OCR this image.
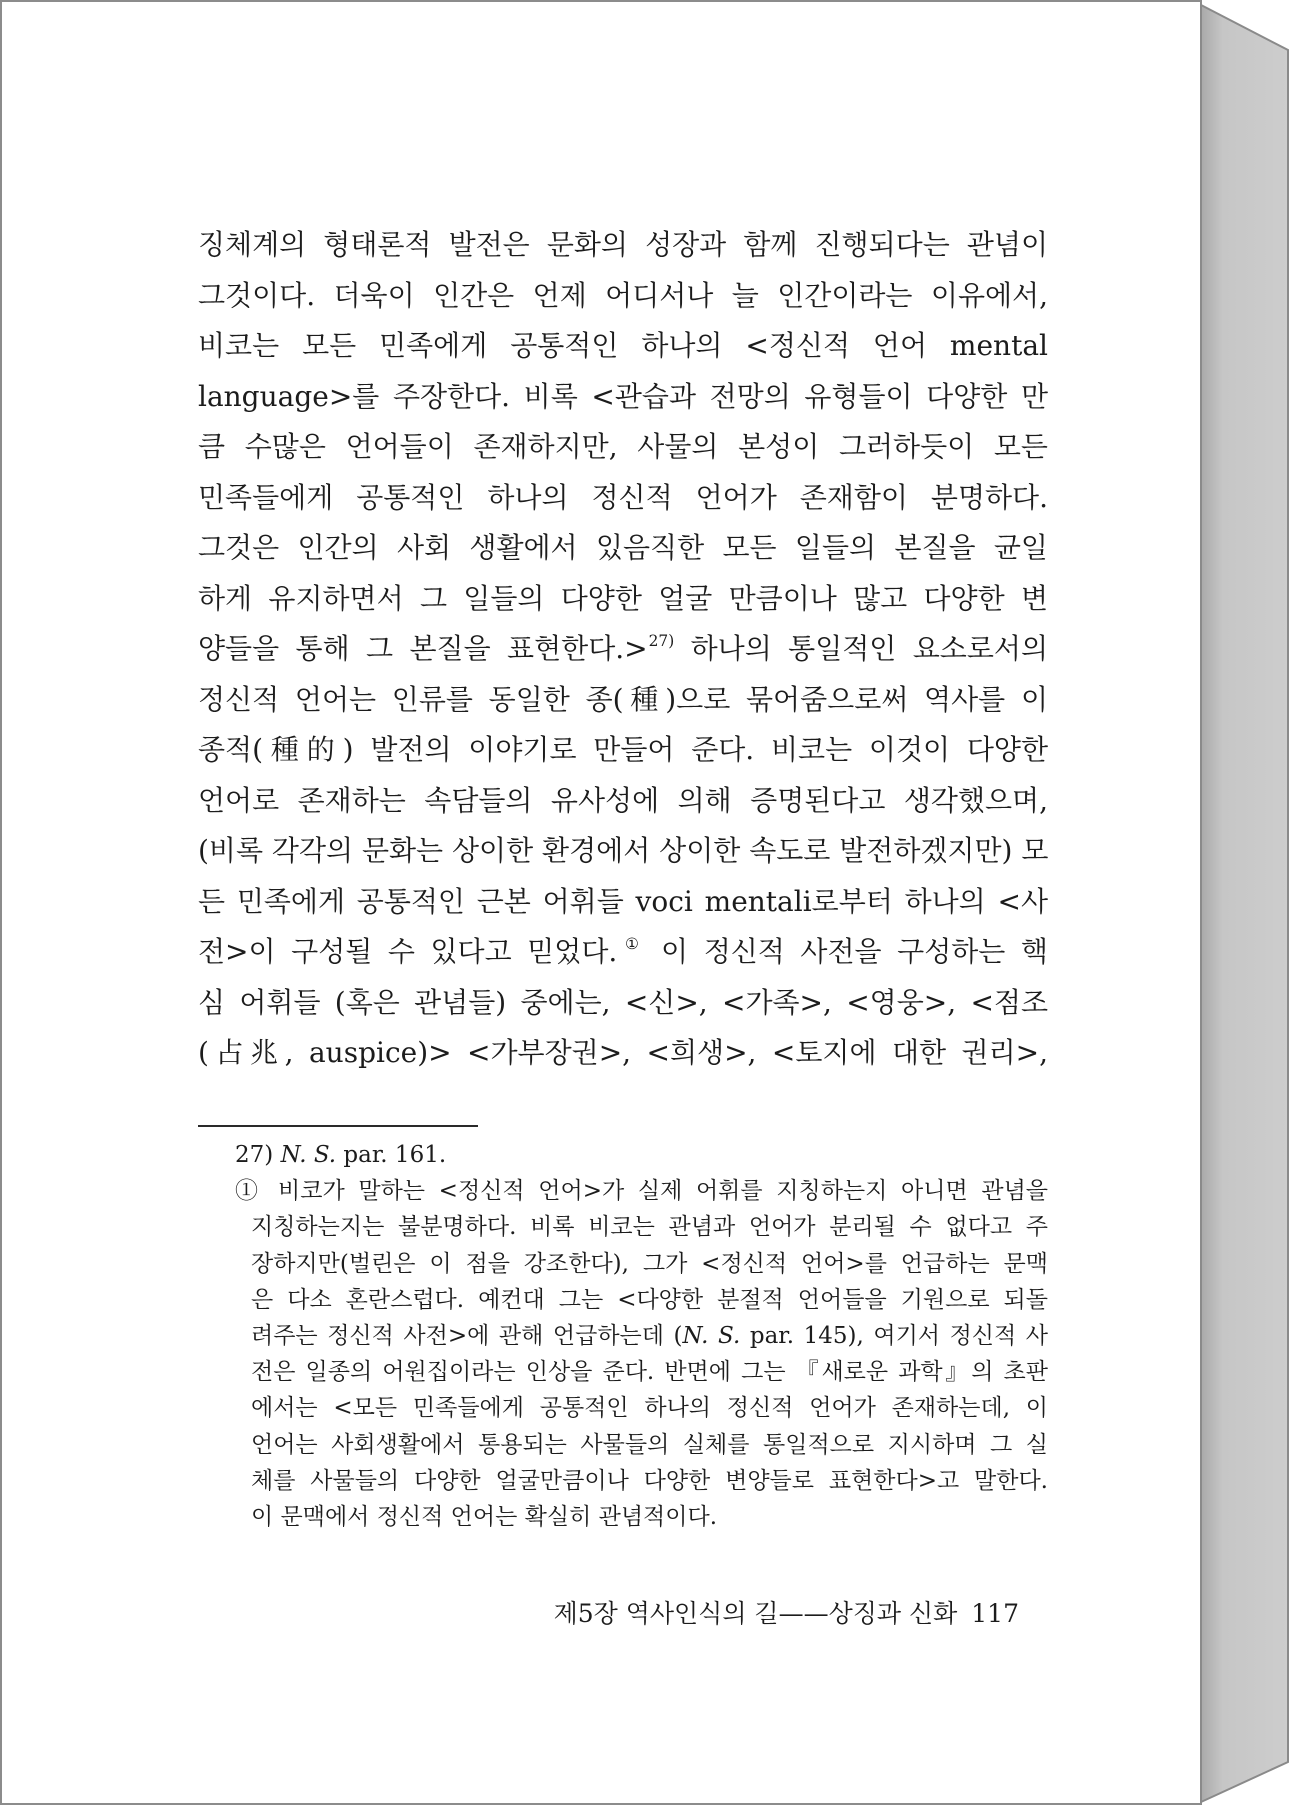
징체계의 형태론적 발전은 문화의 성장과 함께 진행되다는 관념이
그것이다. 더욱이 인간은 언제 어디서나 늘 인간이라는 이유에서,
비코는 모든 민족에게 공통적인 하나의 <정신적 언어 mental
language>를 주장한다. 비록 <관습과 전망의 유형들이 다양한 만
큼 수많은 언어들이 존재하지만, 사물의 본성이 그러하듯이 모든
민족들에게 공통적인 하나의 정신적 언어가 존재함이 분명하다.
그것은 인간의 사회 생활에서 있음직한 모든 일들의 본질을 균일
하게 유지하면서 그 일들의 다양한 얼굴 만큼이나 많고 다양한 변
양들을 통해 그 본질을 표현한다.>$^{27)}$ 하나의 통일적인 요소로서의
정신적 언어는 인류를 동일한 종(種)으로 묶어줌으로써 역사를 이
종적(種的) 발전의 이야기로 만들어 준다. 비코는 이것이 다양한
언어로 존재하는 속담들의 유사성에 의해 증명된다고 생각했으며,
(비록 각각의 문화는 상이한 환경에서 상이한 속도로 발전하겠지만) 모
든 민족에게 공통적인 근본 어휘들 voci mentali로부터 하나의 <사
전>이 구성될 수 있다고 믿었다.① 이 정신적 사전을 구성하는 핵
심 어휘들 (혹은 관념들) 중에는, <신>, <가족>, <영웅>, <점조
(占兆, auspice)> <가부장권>, <희생>, <토지에 대한 권리>,
27) N. S. par. 161.
① 비코가 말하는 <정신적 언어>가 실제 어휘를 지칭하는지 아니면 관념을
지칭하는지는 불분명하다. 비록 비코는 관념과 언어가 분리될 수 없다고 주
장하지만(벌린은 이 점을 강조한다), 그가 <정신적 언어>를 언급하는 문맥
은 다소 혼란스럽다. 예컨대 그는 <다양한 분절적 언어들을 기원으로 되돌
려주는 정신적 사전>에 관해 언급하는데 (N. S. par. 145), 여기서 정신적 사
전은 일종의 어원집이라는 인상을 준다. 반면에 그는 『새로운 과학』의 초판
에서는 <모든 민족들에게 공통적인 하나의 정신적 언어가 존재하는데, 이
언어는 사회생활에서 통용되는 사물들의 실체를 통일적으로 지시하며 그 실
체를 사물들의 다양한 얼굴만큼이나 다양한 변양들로 표현한다>고 말한다.
이 문맥에서 정신적 언어는 확실히 관념적이다.
제5장 역사인식의 길——상징과 신화 117
